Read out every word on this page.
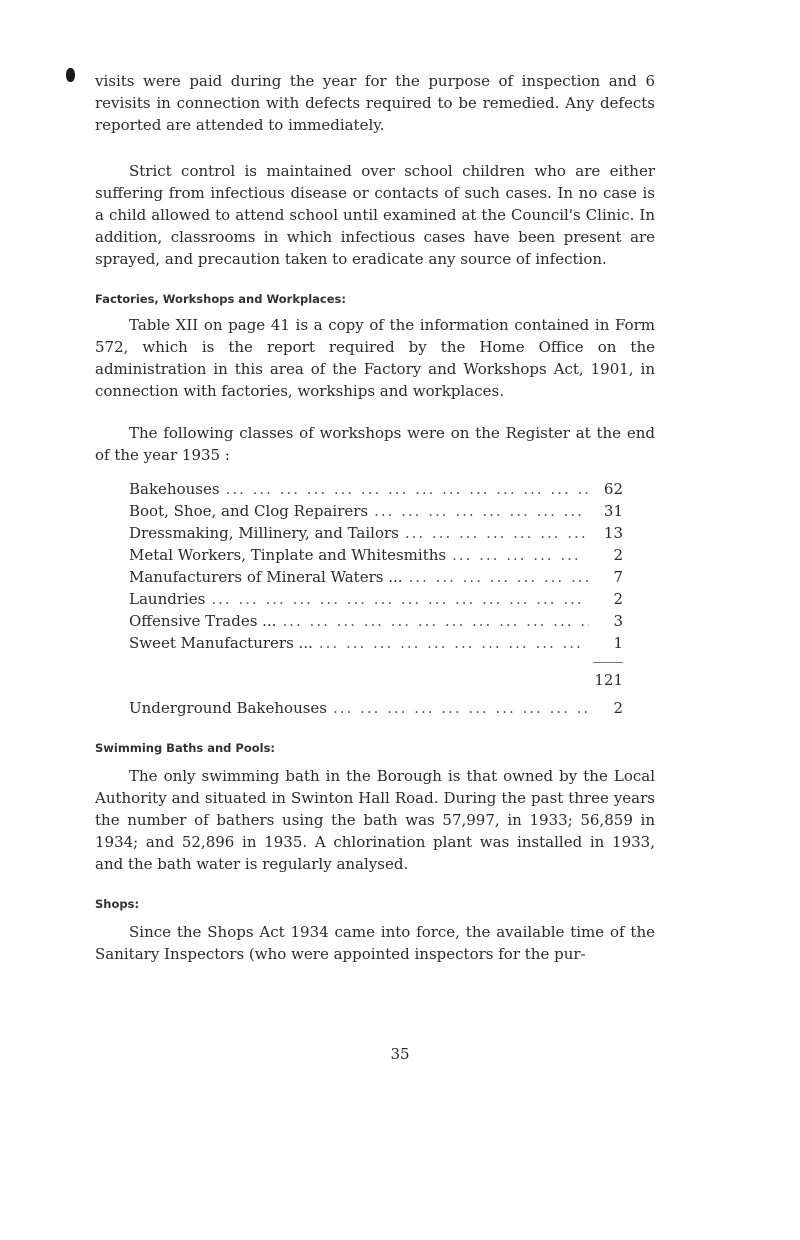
visits were paid during the year for the purpose of inspection and 6 revisits in connection with defects required to be remedied. Any defects reported are attended to immediately.

Strict control is maintained over school children who are either suffering from infectious disease or contacts of such cases. In no case is a child allowed to attend school until examined at the Council's Clinic. In addition, classrooms in which infectious cases have been present are sprayed, and precaution taken to eradicate any source of infection.

Factories, Workshops and Workplaces:

Table XII on page 41 is a copy of the information contained in Form 572, which is the report required by the Home Office on the administration in this area of the Factory and Workshops Act, 1901, in connection with factories, workships and workplaces.

The following classes of workshops were on the Register at the end of the year 1935 :

Bakehouses ... .	62
Boot, Shoe, and Clog Repairers ... .	31
Dressmaking, Millinery, and Tailors ... .	13
Metal Workers, Tinplate and Whitesmiths ... .	2
Manufacturers of Mineral Waters ... ... .	7
Laundries ... .	2
Offensive Trades ... ... .	3
Sweet Manufacturers ... ... .	1
121
Underground Bakehouses ... .	2
Swimming Baths and Pools:

The only swimming bath in the Borough is that owned by the Local Authority and situated in Swinton Hall Road. During the past three years the number of bathers using the bath was 57,997, in 1933; 56,859 in 1934; and 52,896 in 1935. A chlorination plant was installed in 1933, and the bath water is regularly analysed.

Shops:

Since the Shops Act 1934 came into force, the available time of the Sanitary Inspectors (who were appointed inspectors for the pur-

35
